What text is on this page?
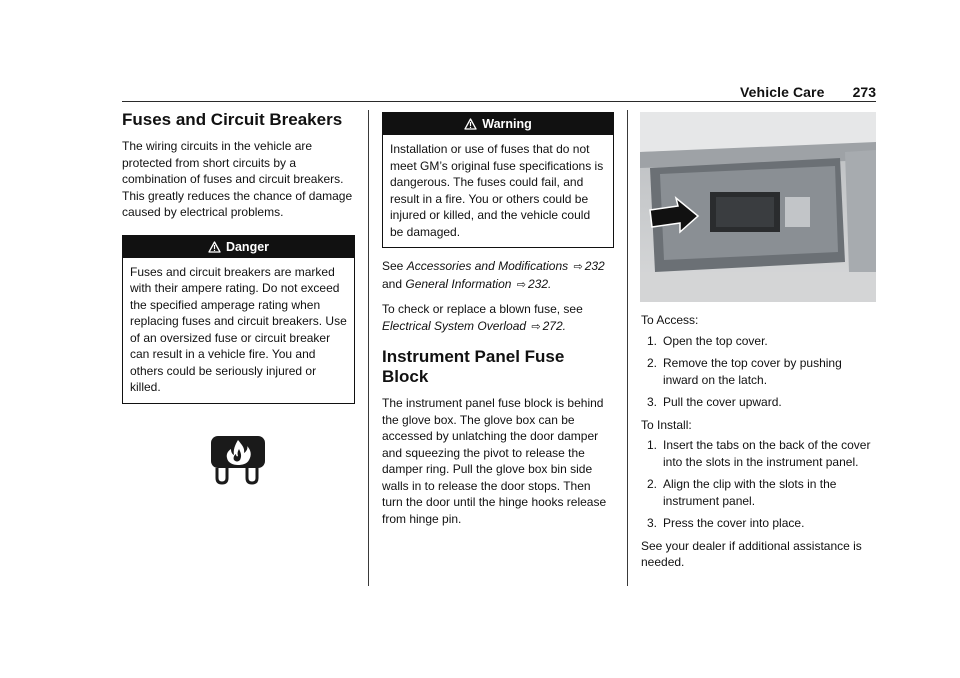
Vehicle Care 273
Fuses and Circuit Breakers

The wiring circuits in the vehicle are protected from short circuits by a combination of fuses and circuit breakers. This greatly reduces the chance of damage caused by electrical problems.

Danger
Fuses and circuit breakers are marked with their ampere rating. Do not exceed the specified amperage rating when replacing fuses and circuit breakers. Use of an oversized fuse or circuit breaker can result in a vehicle fire. You and others could be seriously injured or killed.
Warning
Installation or use of fuses that do not meet GM’s original fuse specifications is dangerous. The fuses could fail, and result in a fire. You or others could be injured or killed, and the vehicle could be damaged.

See Accessories and Modifications ⇨ 232 and General Information ⇨ 232.

To check or replace a blown fuse, see Electrical System Overload ⇨ 272.

Instrument Panel Fuse Block

The instrument panel fuse block is behind the glove box. The glove box can be accessed by unlatching the door damper and squeezing the pivot to release the damper ring. Pull the glove box bin side walls in to release the door stops. Then turn the door until the hinge hooks release from hinge pin.

To Access:

1. Open the top cover.
2. Remove the top cover by pushing inward on the latch.
3. Pull the cover upward.

To Install:

1. Insert the tabs on the back of the cover into the slots in the instrument panel.
2. Align the clip with the slots in the instrument panel.
3. Press the cover into place.

See your dealer if additional assistance is needed.
